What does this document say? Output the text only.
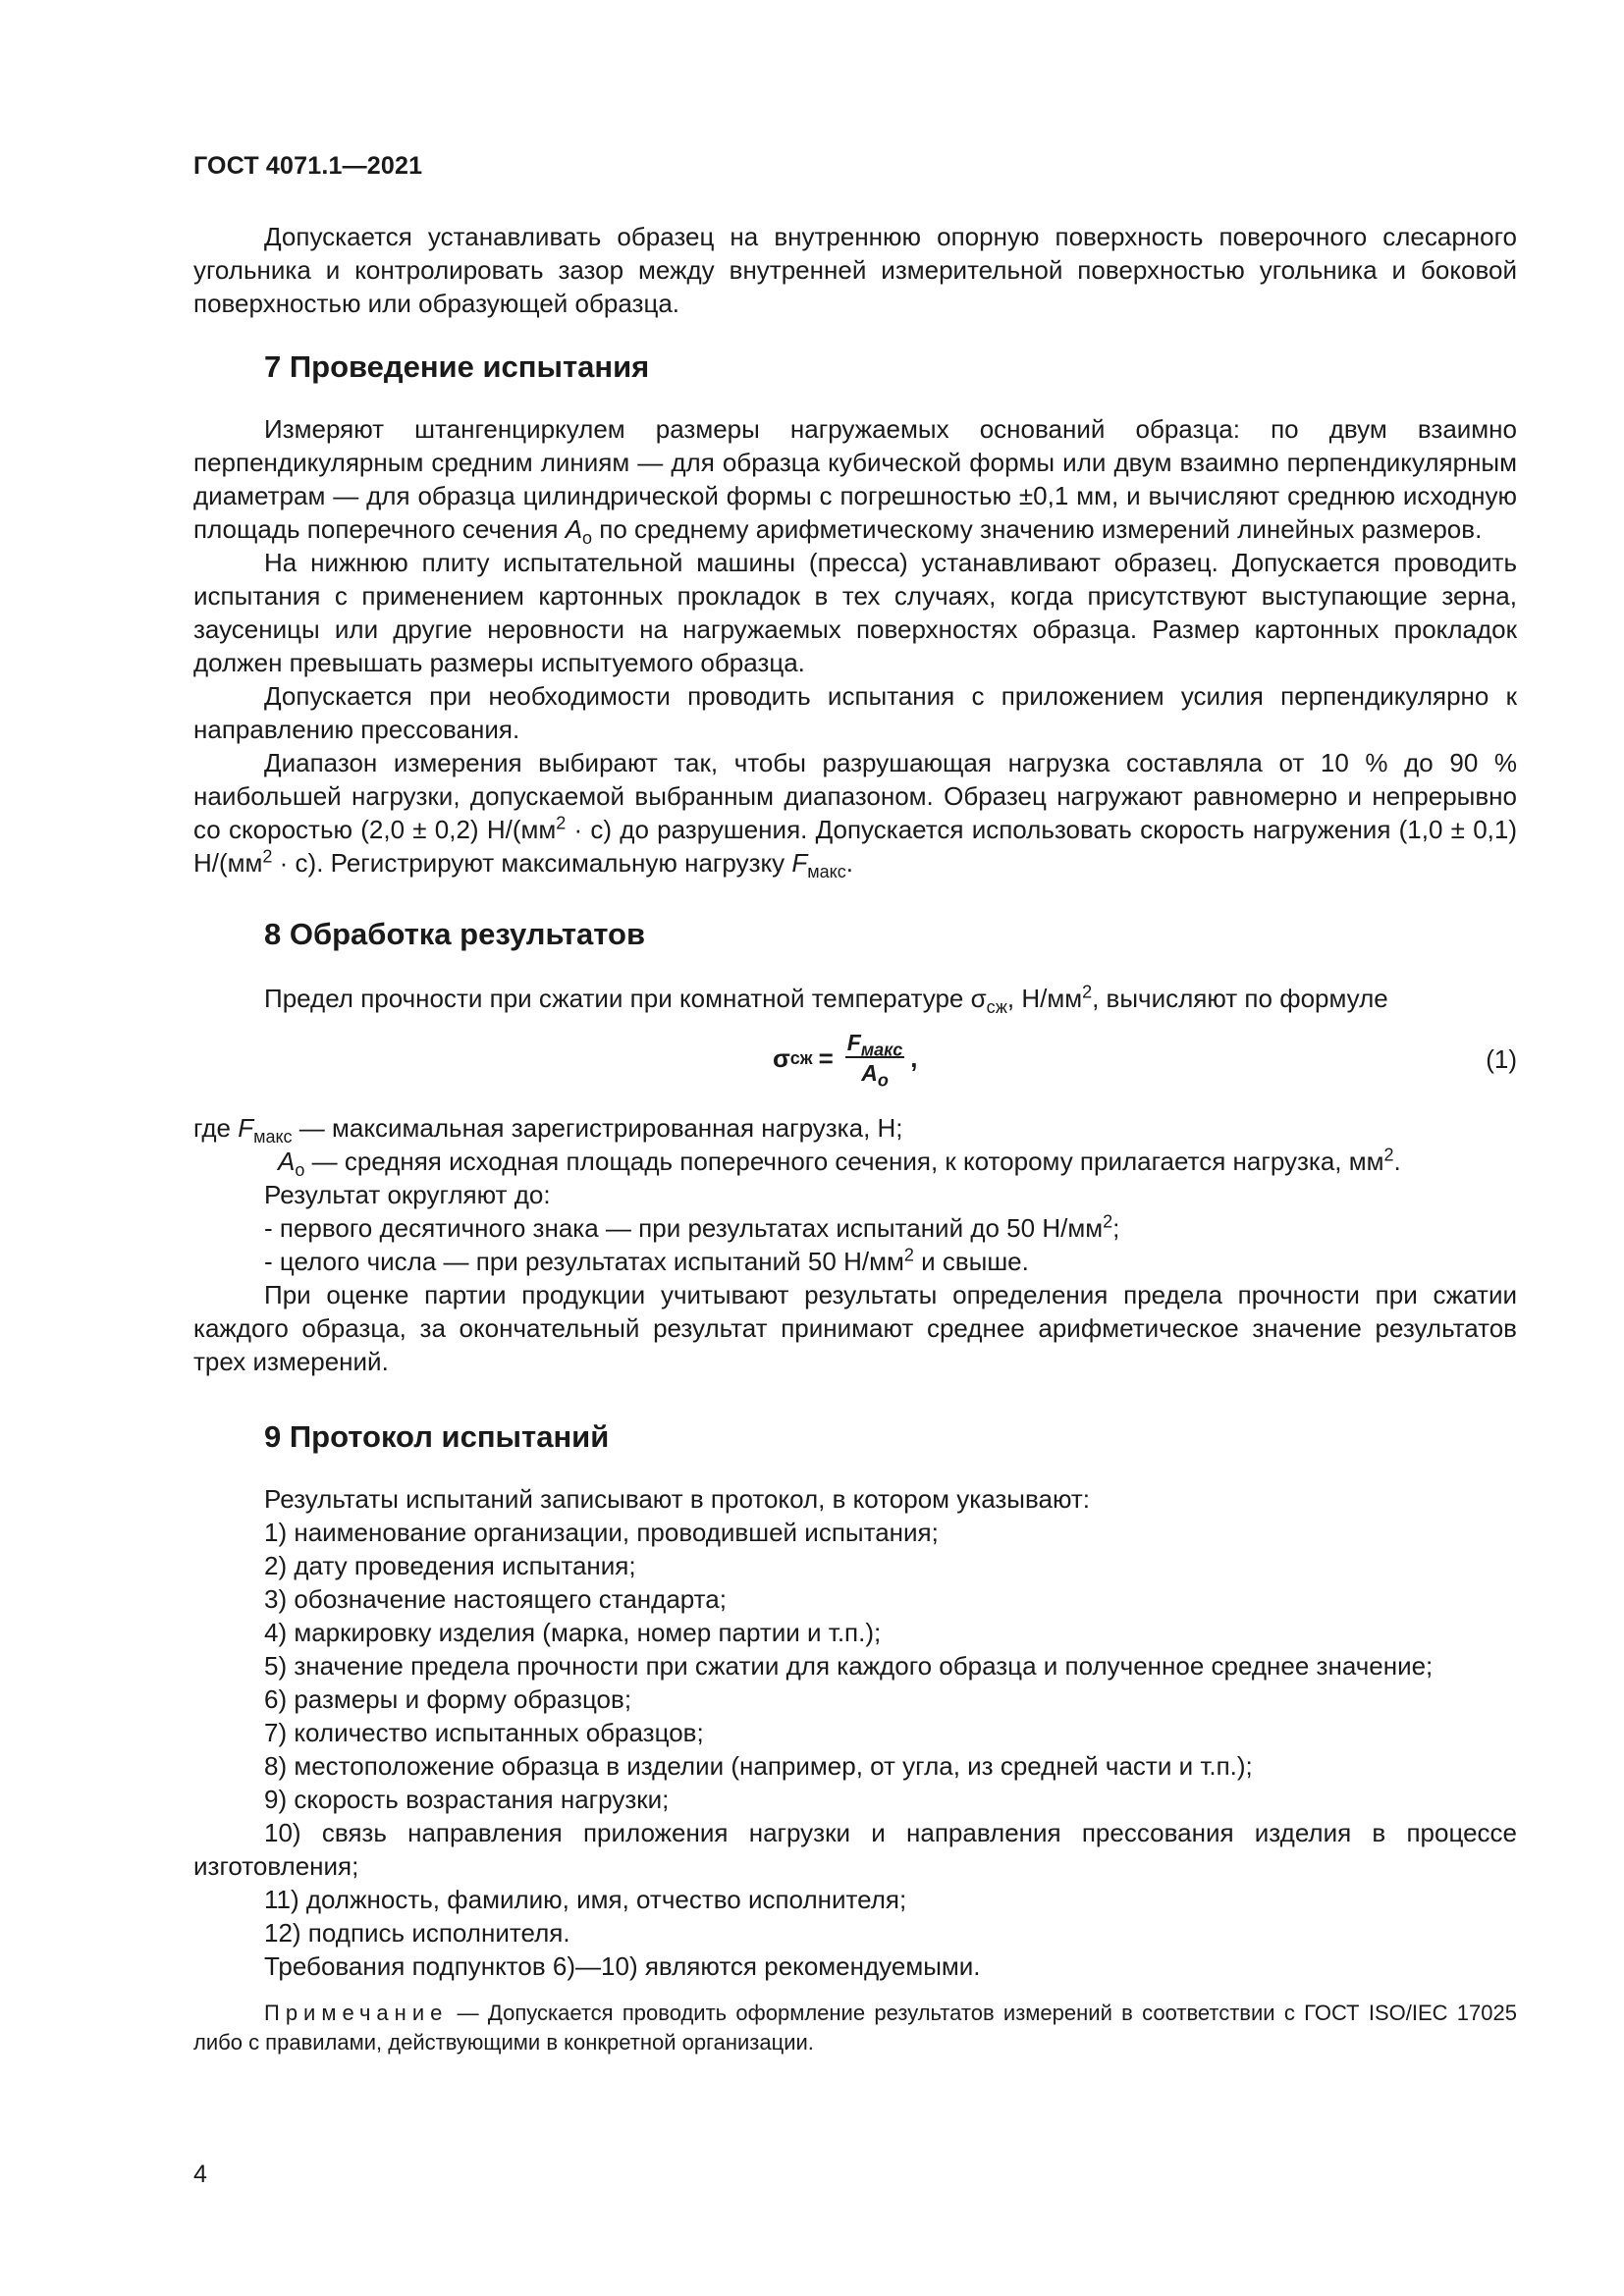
ГОСТ 4071.1—2021

Допускается устанавливать образец на внутреннюю опорную поверхность поверочного слесарного угольника и контролировать зазор между внутренней измерительной поверхностью угольника и боковой поверхностью или образующей образца.

7 Проведение испытания

Измеряют штангенциркулем размеры нагружаемых оснований образца: по двум взаимно перпендикулярным средним линиям — для образца кубической формы или двум взаимно перпендикулярным диаметрам — для образца цилиндрической формы с погрешностью ±0,1 мм, и вычисляют среднюю исходную площадь поперечного сечения $A_о$ по среднему арифметическому значению измерений линейных размеров.

На нижнюю плиту испытательной машины (пресса) устанавливают образец. Допускается проводить испытания с применением картонных прокладок в тех случаях, когда присутствуют выступающие зерна, заусеницы или другие неровности на нагружаемых поверхностях образца. Размер картонных прокладок должен превышать размеры испытуемого образца.

Допускается при необходимости проводить испытания с приложением усилия перпендикулярно к направлению прессования.

Диапазон измерения выбирают так, чтобы разрушающая нагрузка составляла от 10 % до 90 % наибольшей нагрузки, допускаемой выбранным диапазоном. Образец нагружают равномерно и непрерывно со скоростью (2,0 ± 0,2) $Н/(мм^2 \cdot с)$ до разрушения. Допускается использовать скорость нагружения (1,0 ± 0,1) $Н/(мм^2 \cdot с)$. Регистрируют максимальную нагрузку $F_{макс}$.

8 Обработка результатов

Предел прочности при сжатии при комнатной температуре $\sigma_{сж}$, $Н/мм^2$, вычисляют по формуле

σ сж = $\frac{F_{макс}}{A_о}$ ,	(1)

где $F_{макс}$ — максимальная зарегистрированная нагрузка, Н;

$A_о$ — средняя исходная площадь поперечного сечения, к которому прилагается нагрузка, $мм^2$.

Результат округляют до:

- первого десятичного знака — при результатах испытаний до 50 $Н/мм^2$;

- целого числа — при результатах испытаний 50 $Н/мм^2$ и свыше.

При оценке партии продукции учитывают результаты определения предела прочности при сжатии каждого образца, за окончательный результат принимают среднее арифметическое значение результатов трех измерений.

9 Протокол испытаний

Результаты испытаний записывают в протокол, в котором указывают:

1) наименование организации, проводившей испытания;

2) дату проведения испытания;

3) обозначение настоящего стандарта;

4) маркировку изделия (марка, номер партии и т.п.);

5) значение предела прочности при сжатии для каждого образца и полученное среднее значение;

6) размеры и форму образцов;

7) количество испытанных образцов;

8) местоположение образца в изделии (например, от угла, из средней части и т.п.);

9) скорость возрастания нагрузки;

10) связь направления приложения нагрузки и направления прессования изделия в процессе изготовления;

11) должность, фамилию, имя, отчество исполнителя;

12) подпись исполнителя.

Требования подпунктов 6)—10) являются рекомендуемыми.

Примечание — Допускается проводить оформление результатов измерений в соответствии с ГОСТ ISO/IEC 17025 либо с правилами, действующими в конкретной организации.

4
